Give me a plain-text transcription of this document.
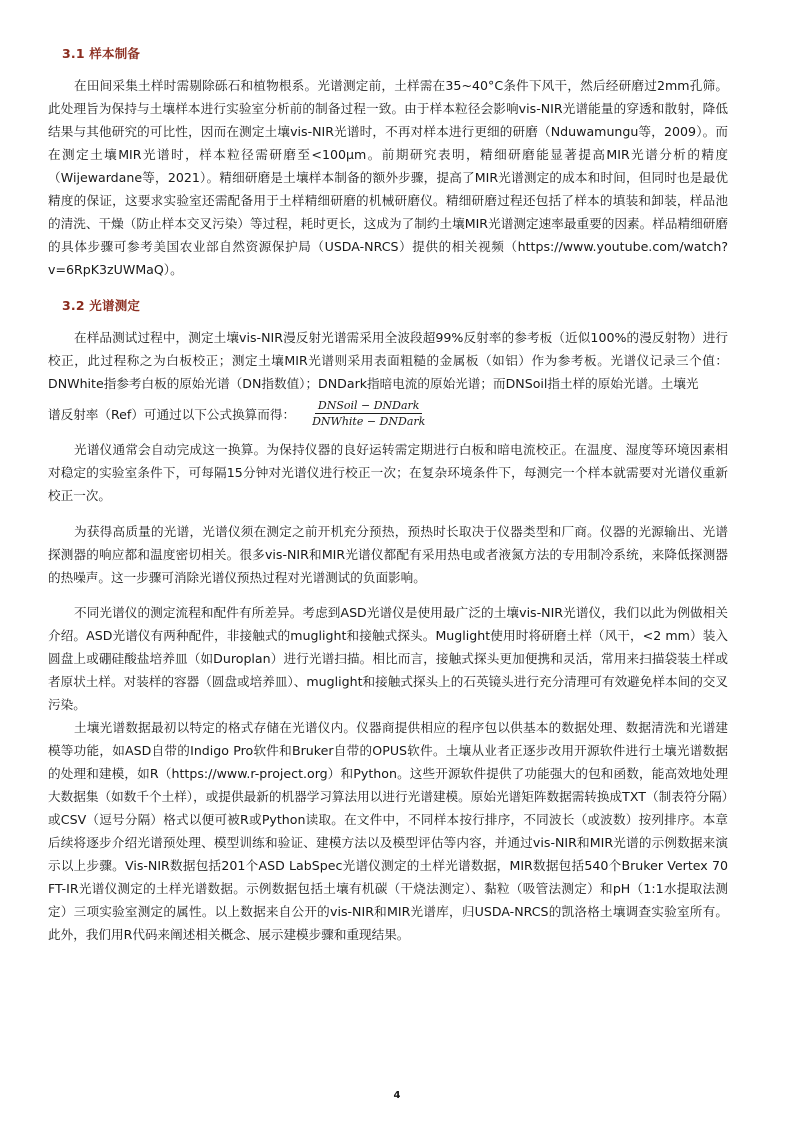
3.1 样本制备

在田间采集土样时需剔除砾石和植物根系。光谱测定前，土样需在35~40°C条件下风干，然后经研磨过2mm孔筛。此处理旨为保持与土壤样本进行实验室分析前的制备过程一致。由于样本粒径会影响vis-NIR光谱能量的穿透和散射，降低结果与其他研究的可比性，因而在测定土壤vis-NIR光谱时，不再对样本进行更细的研磨（Nduwamungu等，2009）。而在测定土壤MIR光谱时，样本粒径需研磨至<100μm。前期研究表明，精细研磨能显著提高MIR光谱分析的精度（Wijewardane等，2021）。精细研磨是土壤样本制备的额外步骤，提高了MIR光谱测定的成本和时间，但同时也是最优精度的保证，这要求实验室还需配备用于土样精细研磨的机械研磨仪。精细研磨过程还包括了样本的填装和卸装，样品池的清洗、干燥（防止样本交叉污染）等过程，耗时更长，这成为了制约土壤MIR光谱测定速率最重要的因素。样品精细研磨的具体步骤可参考美国农业部自然资源保护局（USDA-NRCS）提供的相关视频（https://www.youtube.com/watch?v=6RpK3zUWMaQ）。

3.2 光谱测定

在样品测试过程中，测定土壤vis-NIR漫反射光谱需采用全波段超99%反射率的参考板（近似100%的漫反射物）进行校正，此过程称之为白板校正；测定土壤MIR光谱则采用表面粗糙的金属板（如铝）作为参考板。光谱仪记录三个值：DNWhite指参考白板的原始光谱（DN指数值）；DNDark指暗电流的原始光谱；而DNSoil指土样的原始光谱。土壤光

谱反射率（Ref）可通过以下公式换算而得： $\frac{\text{DNSoil − DNDark}}{\text{DNWhite − DNDark}}$

光谱仪通常会自动完成这一换算。为保持仪器的良好运转需定期进行白板和暗电流校正。在温度、湿度等环境因素相对稳定的实验室条件下，可每隔15分钟对光谱仪进行校正一次；在复杂环境条件下，每测完一个样本就需要对光谱仪重新校正一次。

为获得高质量的光谱，光谱仪须在测定之前开机充分预热，预热时长取决于仪器类型和厂商。仪器的光源输出、光谱探测器的响应都和温度密切相关。很多vis-NIR和MIR光谱仪都配有采用热电或者液氮方法的专用制冷系统，来降低探测器的热噪声。这一步骤可消除光谱仪预热过程对光谱测试的负面影响。

不同光谱仪的测定流程和配件有所差异。考虑到ASD光谱仪是使用最广泛的土壤vis-NIR光谱仪，我们以此为例做相关介绍。ASD光谱仪有两种配件，非接触式的muglight和接触式探头。Muglight使用时将研磨土样（风干，<2 mm）装入圆盘上或硼硅酸盐培养皿（如Duroplan）进行光谱扫描。相比而言，接触式探头更加便携和灵活，常用来扫描袋装土样或者原状土样。对装样的容器（圆盘或培养皿）、muglight和接触式探头上的石英镜头进行充分清理可有效避免样本间的交叉污染。

土壤光谱数据最初以特定的格式存储在光谱仪内。仪器商提供相应的程序包以供基本的数据处理、数据清洗和光谱建模等功能，如ASD自带的Indigo Pro软件和Bruker自带的OPUS软件。土壤从业者正逐步改用开源软件进行土壤光谱数据的处理和建模，如R（https://www.r-project.org）和Python。这些开源软件提供了功能强大的包和函数，能高效地处理大数据集（如数千个土样），或提供最新的机器学习算法用以进行光谱建模。原始光谱矩阵数据需转换成TXT（制表符分隔）或CSV（逗号分隔）格式以便可被R或Python读取。在文件中，不同样本按行排序，不同波长（或波数）按列排序。本章后续将逐步介绍光谱预处理、模型训练和验证、建模方法以及模型评估等内容，并通过vis-NIR和MIR光谱的示例数据来演示以上步骤。Vis-NIR数据包括201个ASD LabSpec光谱仪测定的土样光谱数据，MIR数据包括540个Bruker Vertex 70 FT-IR光谱仪测定的土样光谱数据。示例数据包括土壤有机碳（干烧法测定）、黏粒（吸管法测定）和pH（1:1水提取法测定）三项实验室测定的属性。以上数据来自公开的vis-NIR和MIR光谱库，归USDA-NRCS的凯洛格土壤调查实验室所有。此外，我们用R代码来阐述相关概念、展示建模步骤和重现结果。

4
